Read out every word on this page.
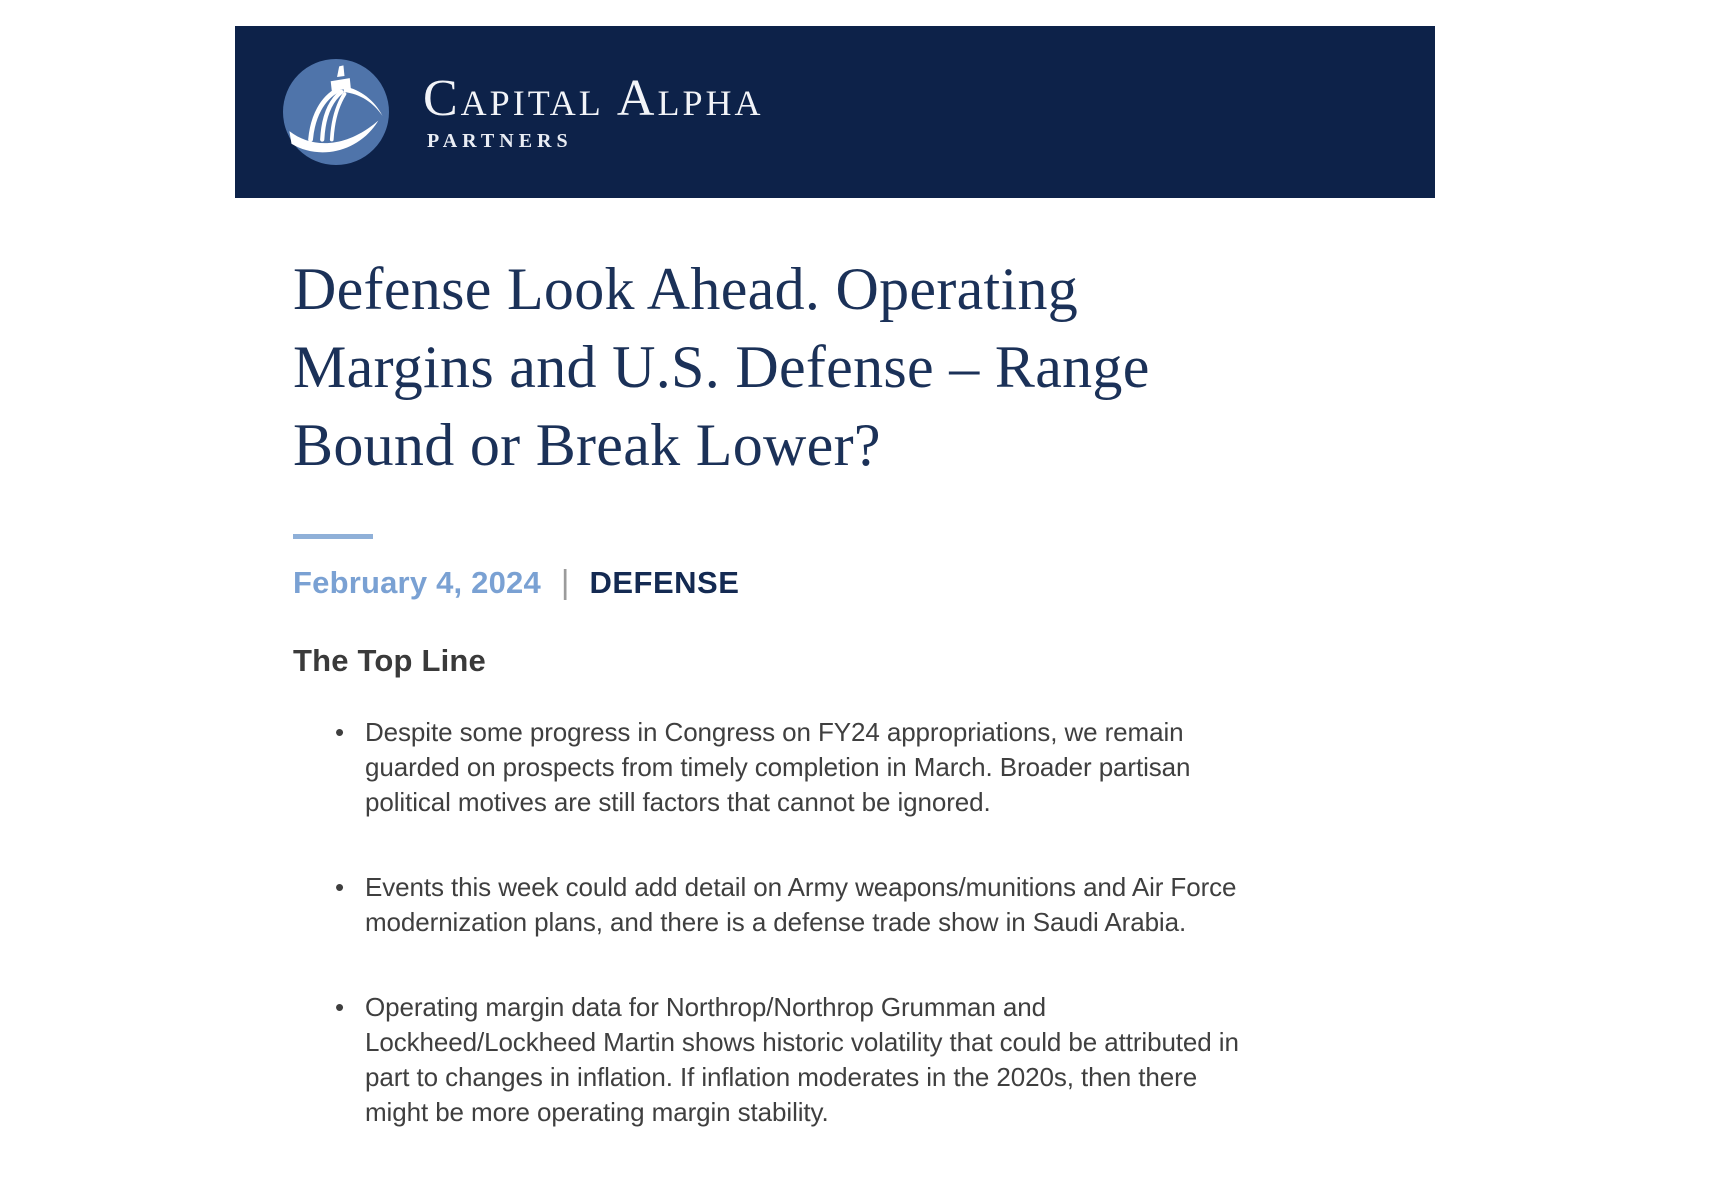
Capital Alpha
PARTNERS
Defense Look Ahead. Operating
Margins and U.S. Defense – Range
Bound or Break Lower?
February 4, 2024 | DEFENSE
The Top Line
• Despite some progress in Congress on FY24 appropriations, we remain guarded on prospects from timely completion in March. Broader partisan political motives are still factors that cannot be ignored.
• Events this week could add detail on Army weapons/munitions and Air Force modernization plans, and there is a defense trade show in Saudi Arabia.
• Operating margin data for Northrop/Northrop Grumman and Lockheed/Lockheed Martin shows historic volatility that could be attributed in part to changes in inflation. If inflation moderates in the 2020s, then there might be more operating margin stability.
